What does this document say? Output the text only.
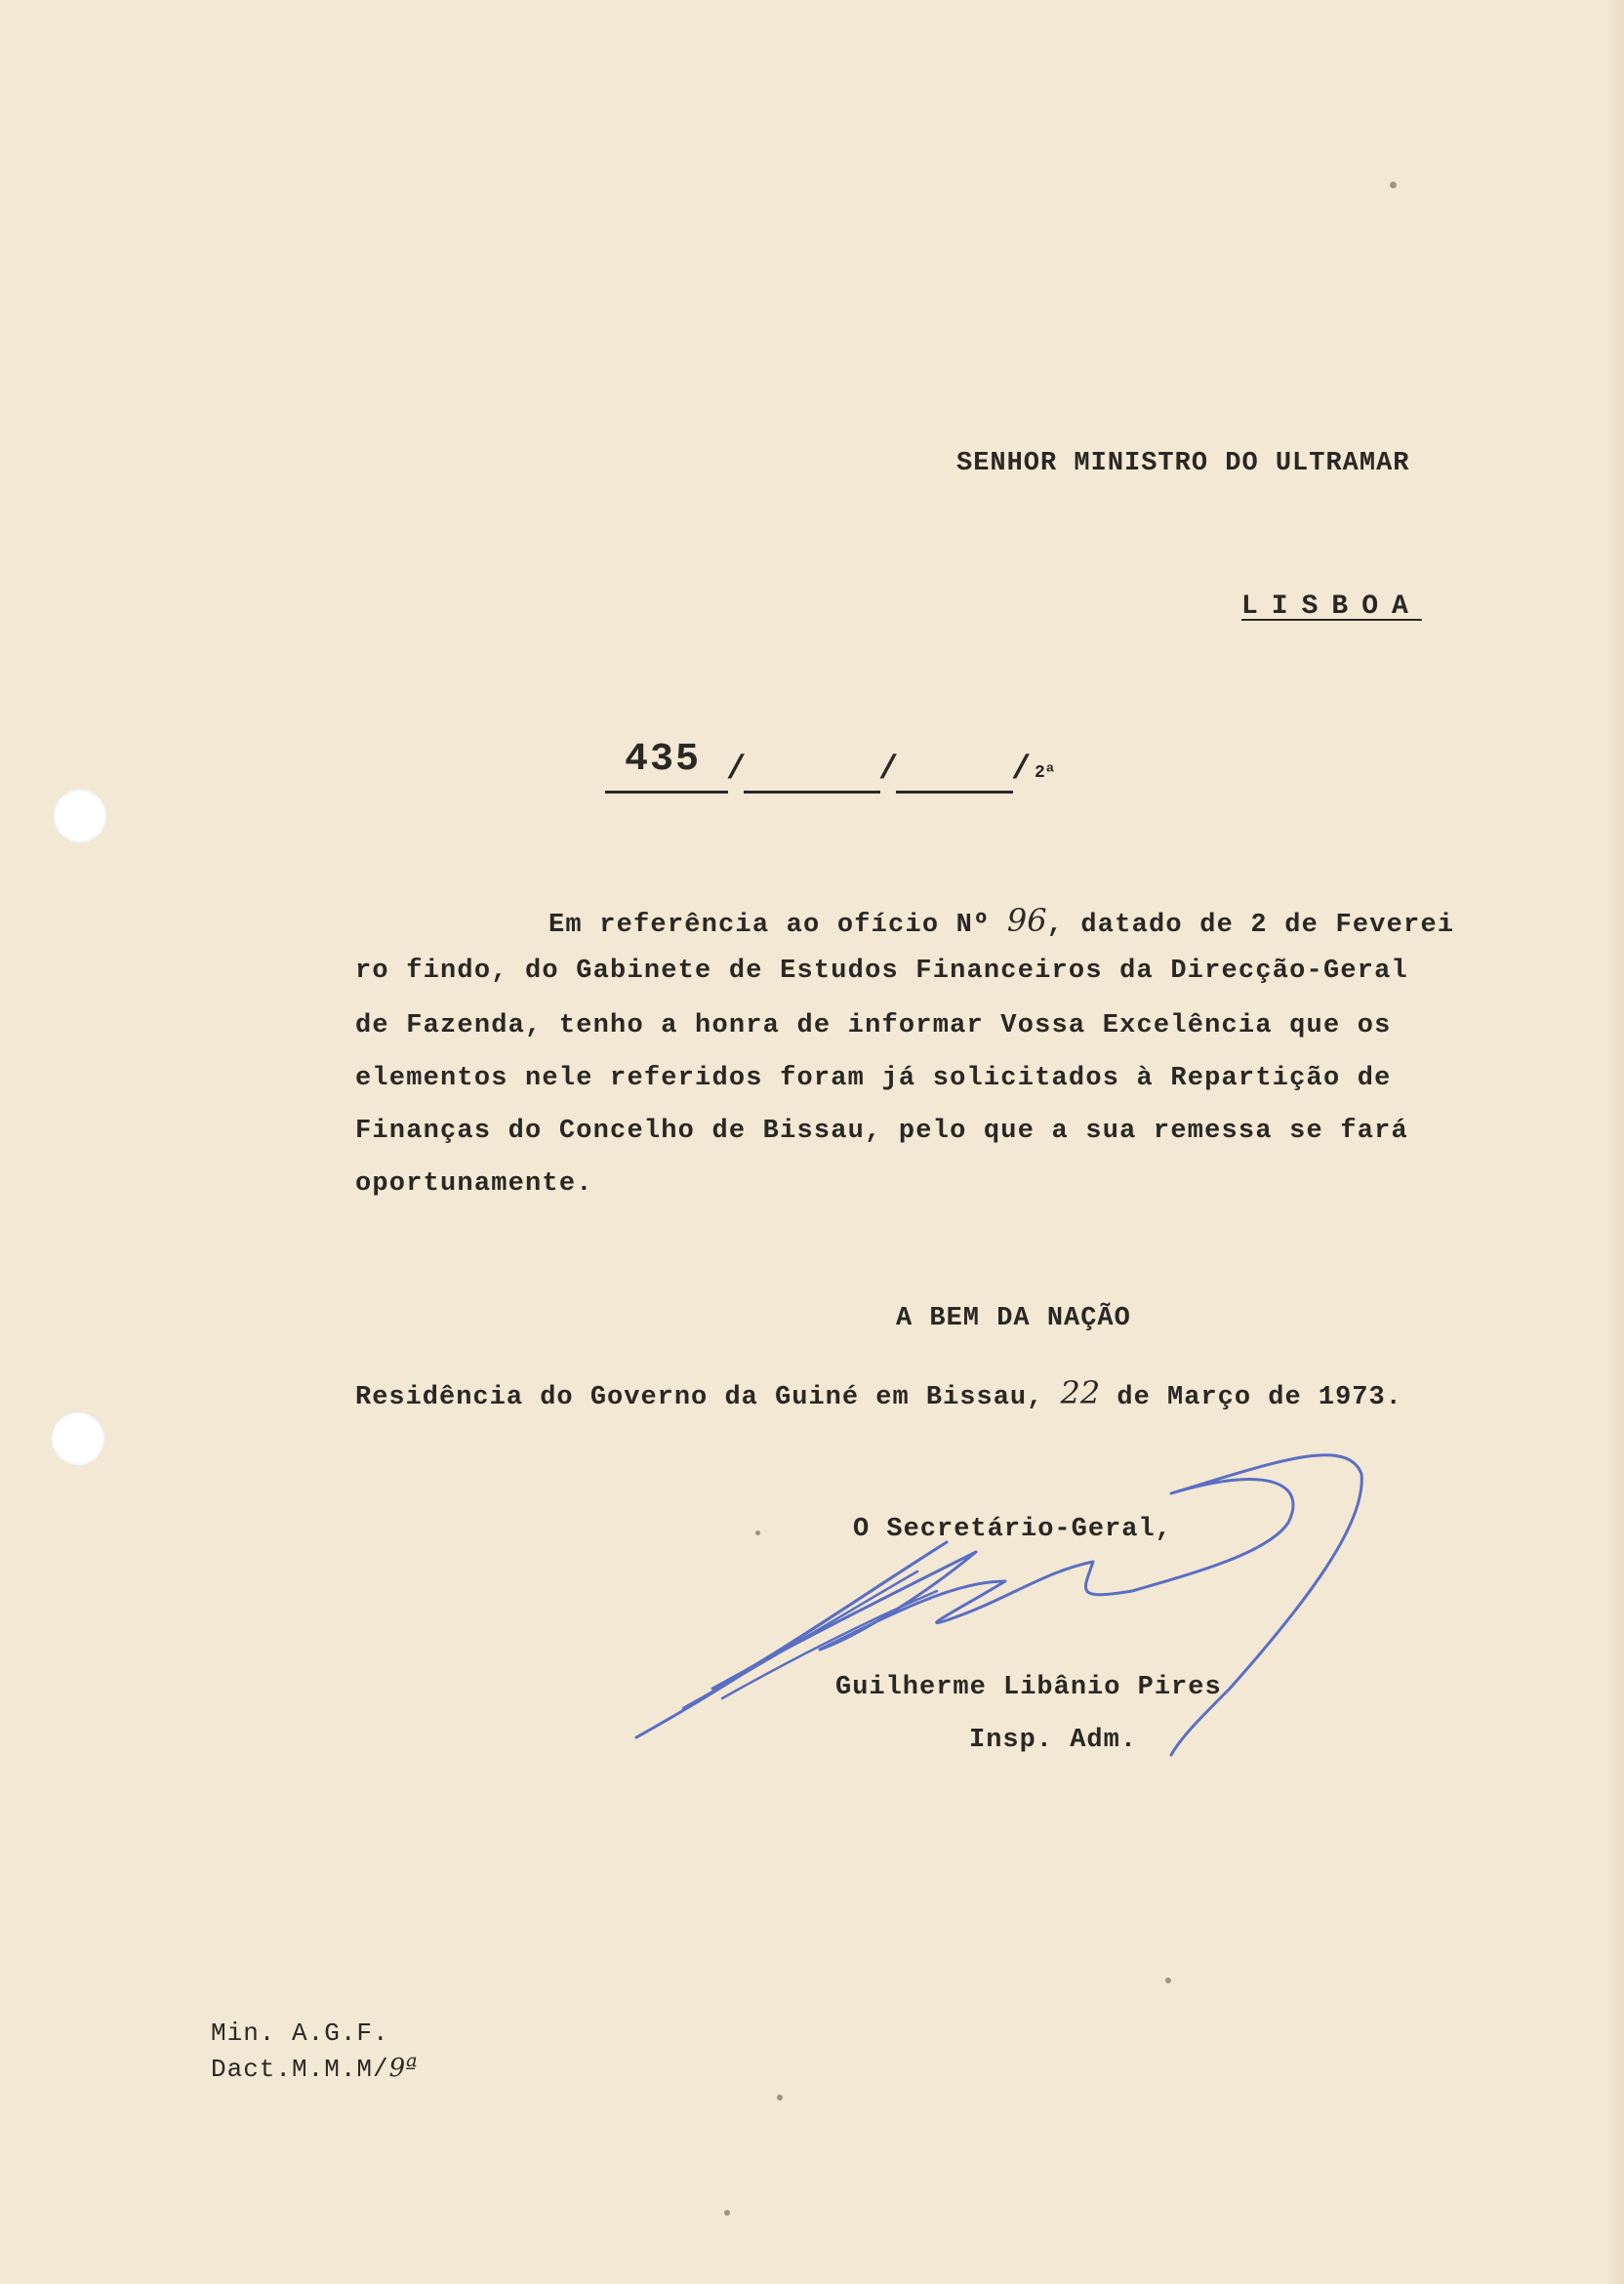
SENHOR MINISTRO DO ULTRAMAR

LISBOA

435 /	/	/ 2ª

Em referência ao ofício Nº 96, datado de 2 de Feverei

ro findo, do Gabinete de Estudos Financeiros da Direcção-Geral

de Fazenda, tenho a honra de informar Vossa Excelência que os

elementos nele referidos foram já solicitados à Repartição de

Finanças do Concelho de Bissau, pelo que a sua remessa se fará

oportunamente.

A BEM DA NAÇÃO

Residência do Governo da Guiné em Bissau, 22 de Março de 1973.

O Secretário-Geral,

Guilherme Libânio Pires

Insp. Adm.

Min. A.G.F.

Dact.M.M.M/9ª
